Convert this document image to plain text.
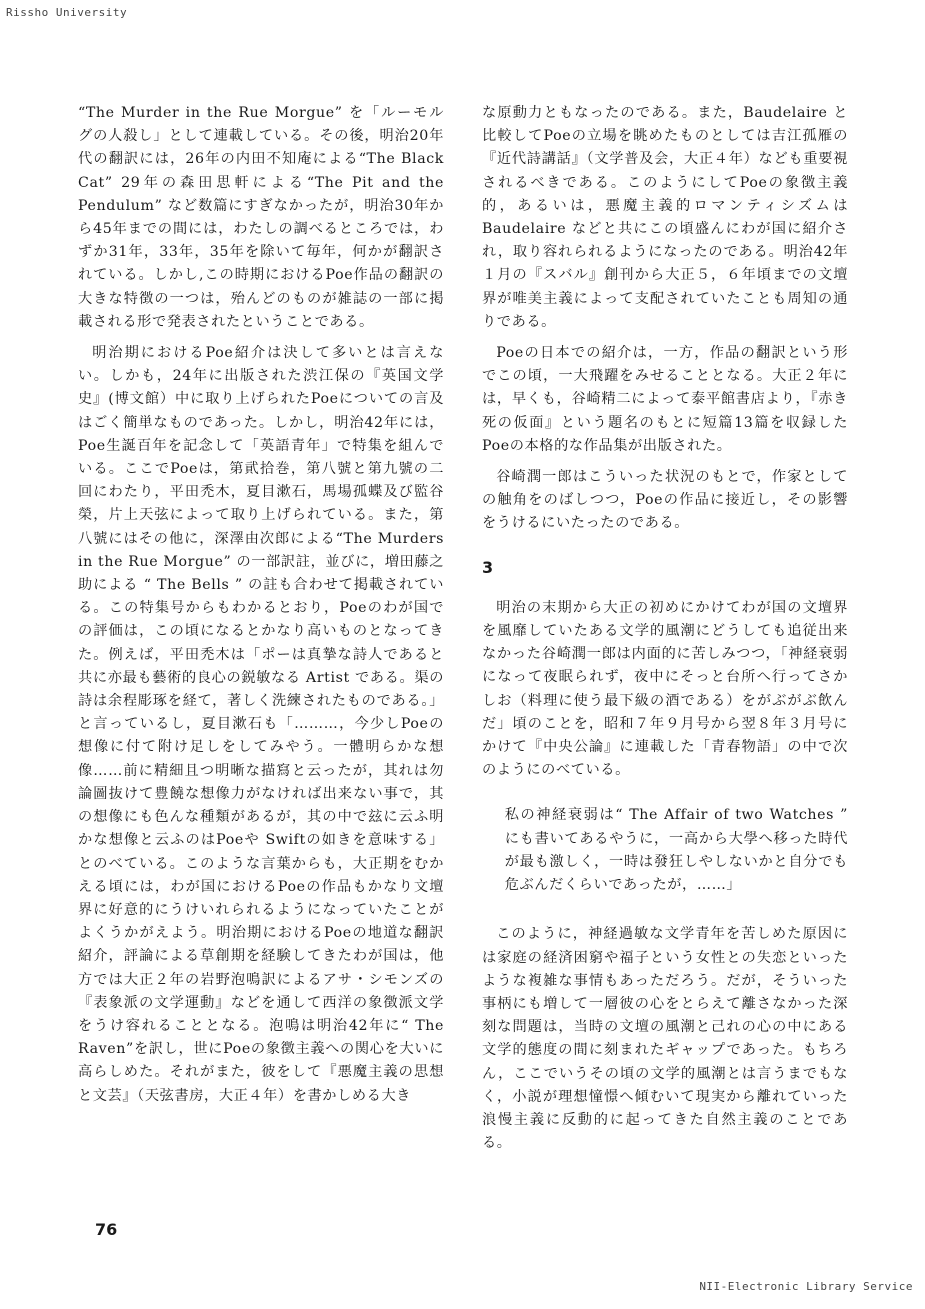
Rissho University

“The Murder in the Rue Morgue” を「ルーモルグの人殺し」として連載している。その後，明治20年代の翻訳には，26年の内田不知庵による“The Black Cat” 29年の森田思軒による“The Pit and the Pendulum” など数篇にすぎなかったが，明治30年から45年までの間には，わたしの調べるところでは，わずか31年，33年，35年を除いて毎年，何かが翻訳されている。しかし,この時期におけるPoe作品の翻訳の大きな特徴の一つは，殆んどのものが雑誌の一部に掲載される形で発表されたということである。

明治期におけるPoe紹介は決して多いとは言えない。しかも，24年に出版された渋江保の『英国文学史』(博文館）中に取り上げられたPoeについての言及はごく簡単なものであった。しかし，明治42年には，Poe生誕百年を記念して「英語青年」で特集を組んでいる。ここでPoeは，第貮拾巻，第八號と第九號の二回にわたり，平田禿木，夏目漱石，馬場孤蝶及び監谷榮，片上天弦によって取り上げられている。また，第八號にはその他に，深澤由次郎による“The Murders in the Rue Morgue” の一部訳註，並びに，増田藤之助による “ The Bells ” の註も合わせて掲載されている。この特集号からもわかるとおり，Poeのわが国での評価は，この頃になるとかなり高いものとなってきた。例えば，平田禿木は「ポーは真摯な詩人であると共に亦最も藝術的良心の鋭敏なる Artist である。渠の詩は余程彫琢を経て，著しく洗練されたものである。」と言っているし，夏目漱石も「………，今少しPoeの想像に付て附け足しをしてみやう。一體明らかな想像……前に精細且つ明晰な描寫と云ったが，其れは勿論圖抜けて豊饒な想像力がなければ出来ない事で，其の想像にも色んな種類があるが，其の中で玆に云ふ明かな想像と云ふのはPoeや Swiftの如きを意味する」とのべている。このような言葉からも，大正期をむかえる頃には，わが国におけるPoeの作品もかなり文壇界に好意的にうけいれられるようになっていたことがよくうかがえよう。明治期におけるPoeの地道な翻訳紹介，評論による草創期を経験してきたわが国は，他方では大正２年の岩野泡鳴訳によるアサ・シモンズの『表象派の文学運動』などを通して西洋の象徴派文学をうけ容れることとなる。泡鳴は明治42年に“ The Raven”を訳し，世にPoeの象徴主義への関心を大いに高らしめた。それがまた，彼をして『悪魔主義の思想と文芸』（天弦書房，大正４年）を書かしめる大き

な原動力ともなったのである。また，Baudelaire と比較してPoeの立場を眺めたものとしては吉江孤雁の『近代詩講話』（文学普及会，大正４年）なども重要視されるべきである。このようにしてPoeの象徴主義的，あるいは，悪魔主義的ロマンティシズムは Baudelaire などと共にこの頃盛んにわが国に紹介され，取り容れられるようになったのである。明治42年１月の『スバル』創刊から大正５，６年頃までの文壇界が唯美主義によって支配されていたことも周知の通りである。

Poeの日本での紹介は，一方，作品の翻訳という形でこの頃，一大飛躍をみせることとなる。大正２年には，早くも，谷崎精二によって泰平館書店より，『赤き死の仮面』という題名のもとに短篇13篇を収録したPoeの本格的な作品集が出版された。

谷崎潤一郎はこういった状況のもとで，作家としての触角をのばしつつ，Poeの作品に接近し，その影響をうけるにいたったのである。

3

明治の末期から大正の初めにかけてわが国の文壇界を風靡していたある文学的風潮にどうしても追従出来なかった谷崎潤一郎は内面的に苦しみつつ，「神経衰弱になって夜眠られず，夜中にそっと台所へ行ってさかしお（料理に使う最下級の酒である）をがぶがぶ飲んだ」頃のことを，昭和７年９月号から翌８年３月号にかけて『中央公論』に連載した「青春物語」の中で次のようにのべている。

私の神経衰弱は“ The Affair of two Watches ” にも書いてあるやうに，一高から大學へ移った時代が最も激しく，一時は發狂しやしないかと自分でも危ぶんだくらいであったが，……」

このように，神経過敏な文学青年を苦しめた原因には家庭の経済困窮や福子という女性との失恋といったような複雑な事情もあっただろう。だが，そういった事柄にも増して一層彼の心をとらえて離さなかった深刻な問題は，当時の文壇の風潮と己れの心の中にある文学的態度の間に刻まれたギャップであった。もちろん，ここでいうその頃の文学的風潮とは言うまでもなく，小説が理想憧憬へ傾むいて現実から離れていった浪慢主義に反動的に起ってきた自然主義のことである。

76
NII-Electronic Library Service
